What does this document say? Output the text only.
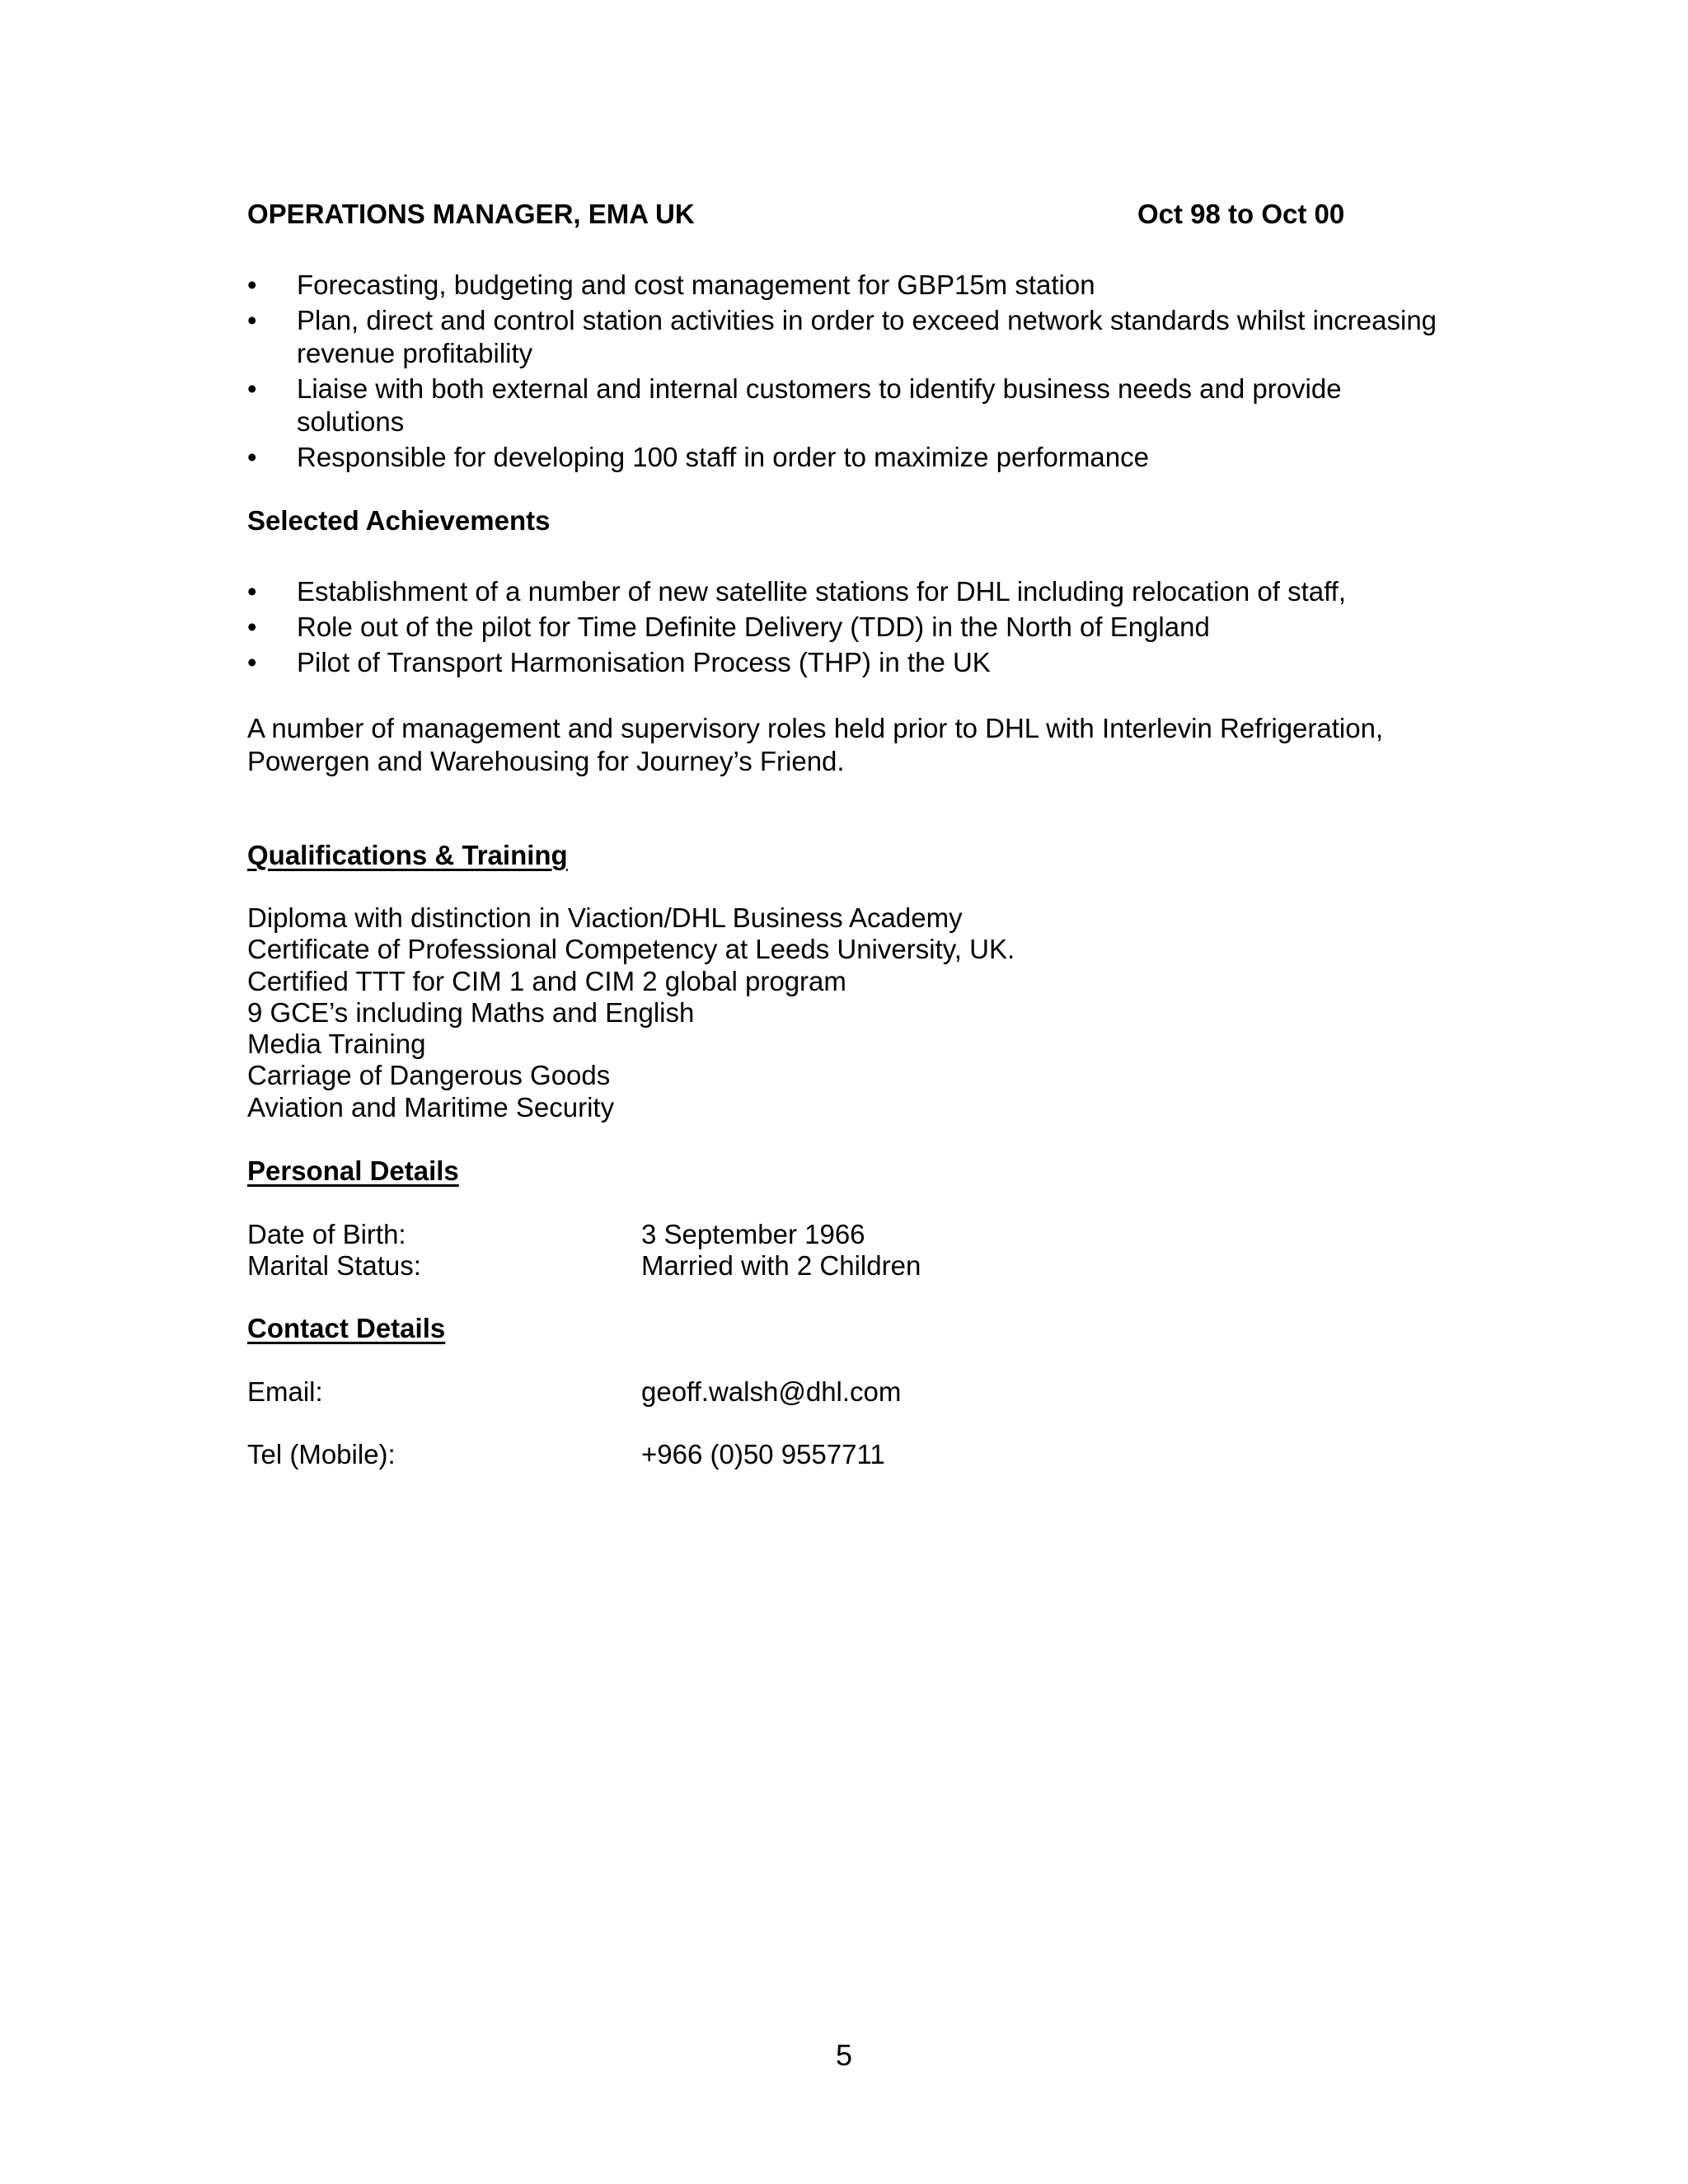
OPERATIONS MANAGER, EMA UK	Oct 98 to Oct 00
•	Forecasting, budgeting and cost management for GBP15m station
•	Plan, direct and control station activities in order to exceed network standards whilst increasing revenue profitability
•	Liaise with both external and internal customers to identify business needs and provide solutions
•	Responsible for developing 100 staff in order to maximize performance
Selected Achievements
•	Establishment of a number of new satellite stations for DHL including relocation of staff,
•	Role out of the pilot for Time Definite Delivery (TDD) in the North of England
•	Pilot of Transport Harmonisation Process (THP) in the UK
A number of management and supervisory roles held prior to DHL with Interlevin Refrigeration, Powergen and Warehousing for Journey’s Friend.
Qualifications & Training
Diploma with distinction in Viaction/DHL Business Academy
Certificate of Professional Competency at Leeds University, UK.
Certified TTT for CIM 1 and CIM 2 global program
9 GCE’s including Maths and English
Media Training
Carriage of Dangerous Goods
Aviation and Maritime Security
Personal Details
Date of Birth:	3 September 1966
Marital Status:	Married with 2 Children
Contact Details
Email:	geoff.walsh@dhl.com
Tel (Mobile):	+966 (0)50 9557711
5
